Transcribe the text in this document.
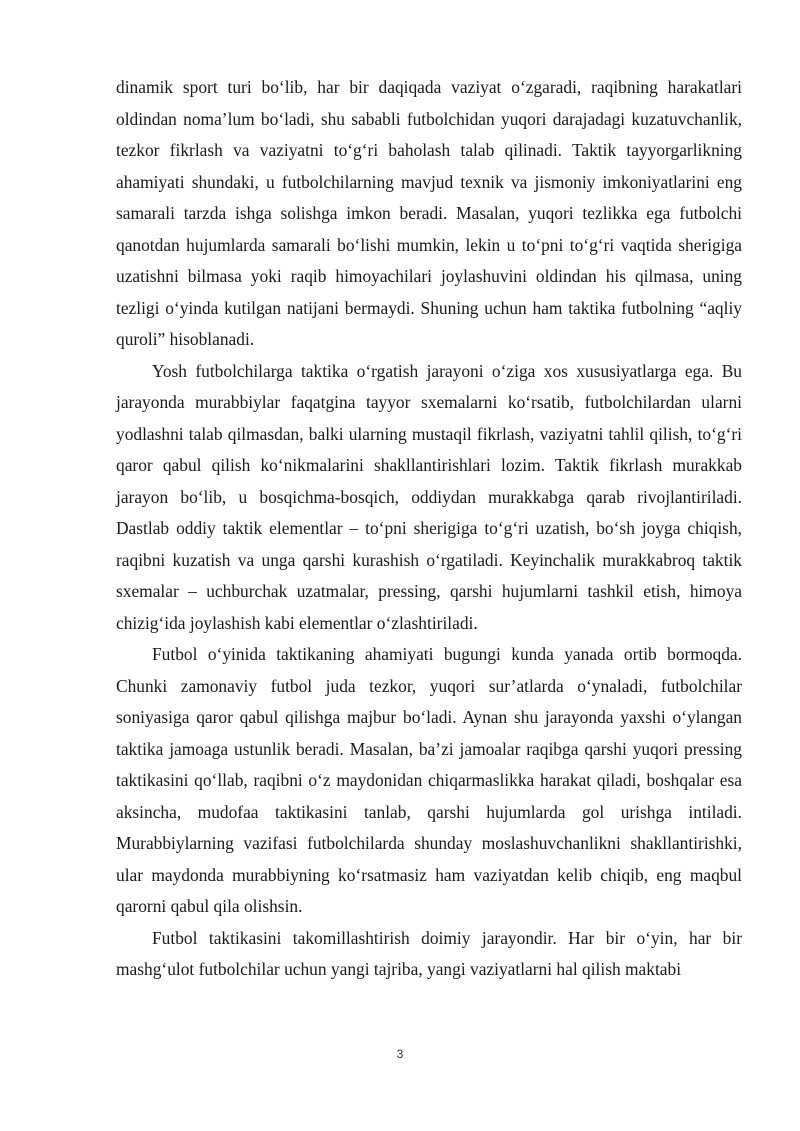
dinamik sport turi bo‘lib, har bir daqiqada vaziyat o‘zgaradi, raqibning harakatlari oldindan noma’lum bo‘ladi, shu sababli futbolchidan yuqori darajadagi kuzatuvchanlik, tezkor fikrlash va vaziyatni to‘g‘ri baholash talab qilinadi. Taktik tayyorgarlikning ahamiyati shundaki, u futbolchilarning mavjud texnik va jismoniy imkoniyatlarini eng samarali tarzda ishga solishga imkon beradi. Masalan, yuqori tezlikka ega futbolchi qanotdan hujumlarda samarali bo‘lishi mumkin, lekin u to‘pni to‘g‘ri vaqtida sherigiga uzatishni bilmasa yoki raqib himoyachilari joylashuvini oldindan his qilmasa, uning tezligi o‘yinda kutilgan natijani bermaydi. Shuning uchun ham taktika futbolning “aqliy quroli” hisoblanadi.

Yosh futbolchilarga taktika o‘rgatish jarayoni o‘ziga xos xususiyatlarga ega. Bu jarayonda murabbiylar faqatgina tayyor sxemalarni ko‘rsatib, futbolchilardan ularni yodlashni talab qilmasdan, balki ularning mustaqil fikrlash, vaziyatni tahlil qilish, to‘g‘ri qaror qabul qilish ko‘nikmalarini shakllantirishlari lozim. Taktik fikrlash murakkab jarayon bo‘lib, u bosqichma-bosqich, oddiydan murakkabga qarab rivojlantiriladi. Dastlab oddiy taktik elementlar – to‘pni sherigiga to‘g‘ri uzatish, bo‘sh joyga chiqish, raqibni kuzatish va unga qarshi kurashish o‘rgatiladi. Keyinchalik murakkabroq taktik sxemalar – uchburchak uzatmalar, pressing, qarshi hujumlarni tashkil etish, himoya chizig‘ida joylashish kabi elementlar o‘zlashtiriladi.

Futbol o‘yinida taktikaning ahamiyati bugungi kunda yanada ortib bormoqda. Chunki zamonaviy futbol juda tezkor, yuqori sur’atlarda o‘ynaladi, futbolchilar soniyasiga qaror qabul qilishga majbur bo‘ladi. Aynan shu jarayonda yaxshi o‘ylangan taktika jamoaga ustunlik beradi. Masalan, ba’zi jamoalar raqibga qarshi yuqori pressing taktikasini qo‘llab, raqibni o‘z maydonidan chiqarmaslikka harakat qiladi, boshqalar esa aksincha, mudofaa taktikasini tanlab, qarshi hujumlarda gol urishga intiladi. Murabbiylarning vazifasi futbolchilarda shunday moslashuvchanlikni shakllantirishki, ular maydonda murabbiyning ko‘rsatmasiz ham vaziyatdan kelib chiqib, eng maqbul qarorni qabul qila olishsin.

Futbol taktikasini takomillashtirish doimiy jarayondir. Har bir o‘yin, har bir mashg‘ulot futbolchilar uchun yangi tajriba, yangi vaziyatlarni hal qilish maktabi

3
